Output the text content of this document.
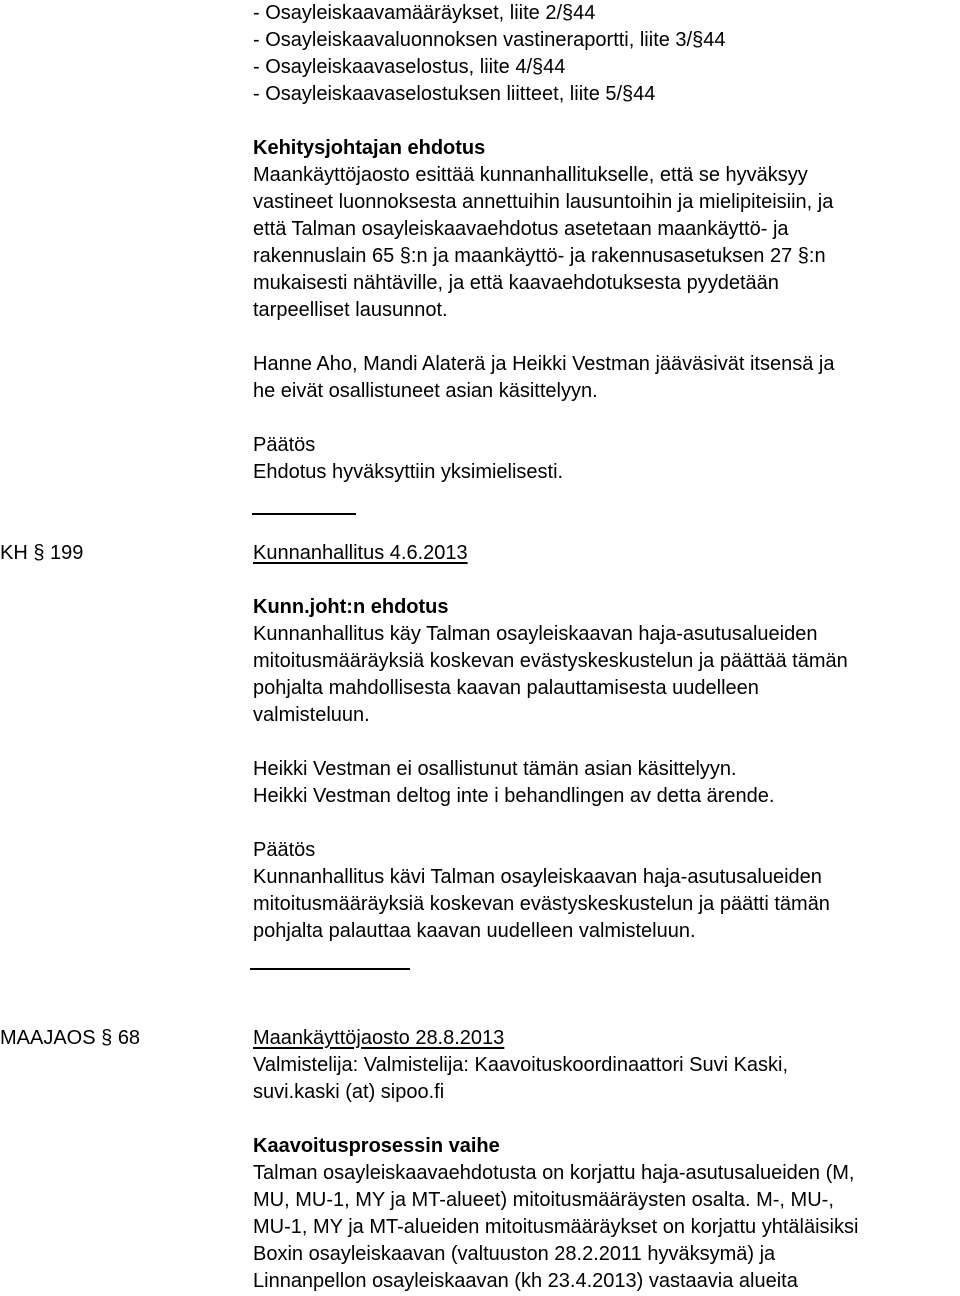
- Osayleiskaavamääräykset, liite 2/§44
- Osayleiskaavaluonnoksen vastineraportti, liite 3/§44
- Osayleiskaavaselostus, liite 4/§44
- Osayleiskaavaselostuksen liitteet, liite 5/§44
Kehitysjohtajan ehdotus
Maankäyttöjaosto esittää kunnanhallitukselle, että se hyväksyy
vastineet luonnoksesta annettuihin lausuntoihin ja mielipiteisiin, ja
että Talman osayleiskaavaehdotus asetetaan maankäyttö- ja
rakennuslain 65 §:n ja maankäyttö- ja rakennusasetuksen 27 §:n
mukaisesti nähtäville, ja että kaavaehdotuksesta pyydetään
tarpeelliset lausunnot.
Hanne Aho, Mandi Alaterä ja Heikki Vestman jääväsivät itsensä ja
he eivät osallistuneet asian käsittelyyn.
Päätös
Ehdotus hyväksyttiin yksimielisesti.
KH § 199	Kunnanhallitus 4.6.2013
Kunn.joht:n ehdotus
Kunnanhallitus käy Talman osayleiskaavan haja-asutusalueiden
mitoitusmääräyksiä koskevan evästyskeskustelun ja päättää tämän
pohjalta mahdollisesta kaavan palauttamisesta uudelleen
valmisteluun.
Heikki Vestman ei osallistunut tämän asian käsittelyyn.
Heikki Vestman deltog inte i behandlingen av detta ärende.
Päätös
Kunnanhallitus kävi Talman osayleiskaavan haja-asutusalueiden
mitoitusmääräyksiä koskevan evästyskeskustelun ja päätti tämän
pohjalta palauttaa kaavan uudelleen valmisteluun.
MAAJAOS § 68	Maankäyttöjaosto 28.8.2013
Valmistelija: Valmistelija: Kaavoituskoordinaattori Suvi Kaski,
suvi.kaski (at) sipoo.fi
Kaavoitusprosessin vaihe
Talman osayleiskaavaehdotusta on korjattu haja-asutusalueiden (M,
MU, MU-1, MY ja MT-alueet) mitoitusmääräysten osalta. M-, MU-,
MU-1, MY ja MT-alueiden mitoitusmääräykset on korjattu yhtäläisiksi
Boxin osayleiskaavan (valtuuston 28.2.2011 hyväksymä) ja
Linnanpellon osayleiskaavan (kh 23.4.2013) vastaavia alueita
